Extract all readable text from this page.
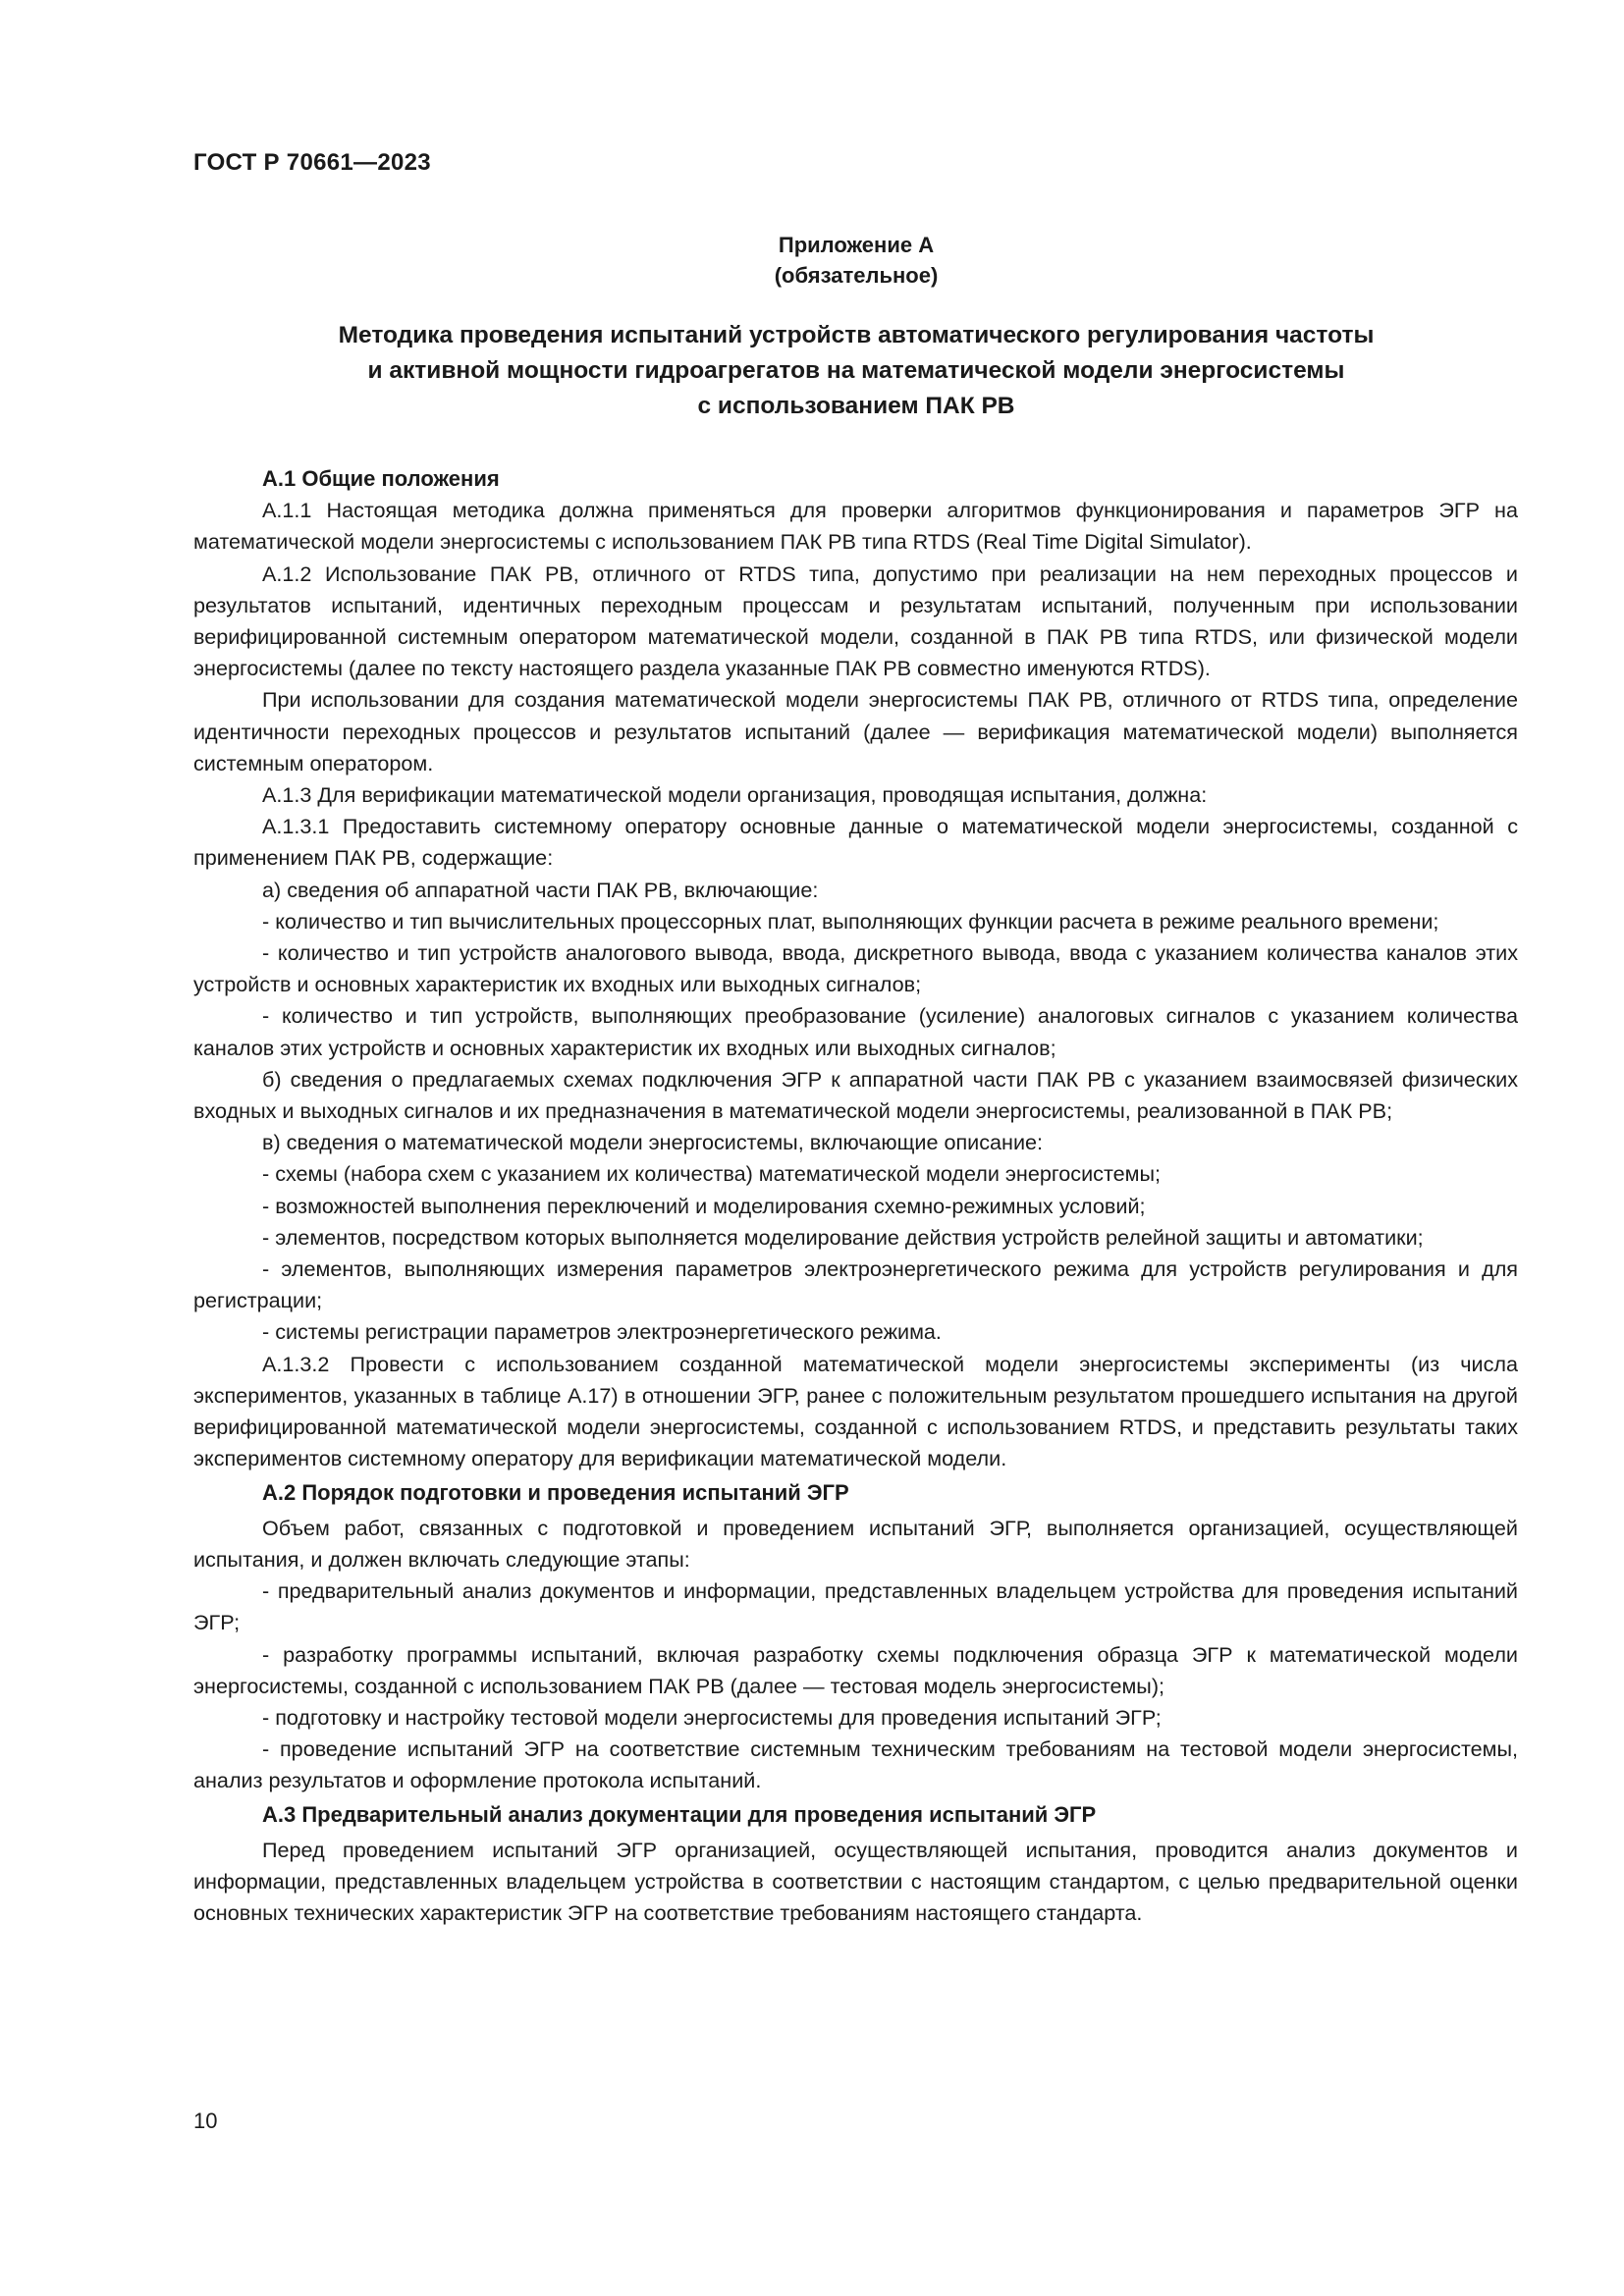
ГОСТ Р 70661—2023
Приложение А
(обязательное)
Методика проведения испытаний устройств автоматического регулирования частоты
и активной мощности гидроагрегатов на математической модели энергосистемы
с использованием ПАК РВ
А.1 Общие положения

А.1.1 Настоящая методика должна применяться для проверки алгоритмов функционирования и параметров ЭГР на математической модели энергосистемы с использованием ПАК РВ типа RTDS (Real Time Digital Simulator).

А.1.2 Использование ПАК РВ, отличного от RTDS типа, допустимо при реализации на нем переходных процессов и результатов испытаний, идентичных переходным процессам и результатам испытаний, полученным при использовании верифицированной системным оператором математической модели, созданной в ПАК РВ типа RTDS, или физической модели энергосистемы (далее по тексту настоящего раздела указанные ПАК РВ совместно именуются RTDS).

При использовании для создания математической модели энергосистемы ПАК РВ, отличного от RTDS типа, определение идентичности переходных процессов и результатов испытаний (далее — верификация математической модели) выполняется системным оператором.

А.1.3 Для верификации математической модели организация, проводящая испытания, должна:

А.1.3.1 Предоставить системному оператору основные данные о математической модели энергосистемы, созданной с применением ПАК РВ, содержащие:

а) сведения об аппаратной части ПАК РВ, включающие:

- количество и тип вычислительных процессорных плат, выполняющих функции расчета в режиме реального времени;

- количество и тип устройств аналогового вывода, ввода, дискретного вывода, ввода с указанием количества каналов этих устройств и основных характеристик их входных или выходных сигналов;

- количество и тип устройств, выполняющих преобразование (усиление) аналоговых сигналов с указанием количества каналов этих устройств и основных характеристик их входных или выходных сигналов;

б) сведения о предлагаемых схемах подключения ЭГР к аппаратной части ПАК РВ с указанием взаимосвязей физических входных и выходных сигналов и их предназначения в математической модели энергосистемы, реализованной в ПАК РВ;

в) сведения о математической модели энергосистемы, включающие описание:

- схемы (набора схем с указанием их количества) математической модели энергосистемы;

- возможностей выполнения переключений и моделирования схемно-режимных условий;

- элементов, посредством которых выполняется моделирование действия устройств релейной защиты и автоматики;

- элементов, выполняющих измерения параметров электроэнергетического режима для устройств регулирования и для регистрации;

- системы регистрации параметров электроэнергетического режима.

А.1.3.2 Провести с использованием созданной математической модели энергосистемы эксперименты (из числа экспериментов, указанных в таблице А.17) в отношении ЭГР, ранее с положительным результатом прошедшего испытания на другой верифицированной математической модели энергосистемы, созданной с использованием RTDS, и представить результаты таких экспериментов системному оператору для верификации математической модели.

А.2 Порядок подготовки и проведения испытаний ЭГР

Объем работ, связанных с подготовкой и проведением испытаний ЭГР, выполняется организацией, осуществляющей испытания, и должен включать следующие этапы:

- предварительный анализ документов и информации, представленных владельцем устройства для проведения испытаний ЭГР;

- разработку программы испытаний, включая разработку схемы подключения образца ЭГР к математической модели энергосистемы, созданной с использованием ПАК РВ (далее — тестовая модель энергосистемы);

- подготовку и настройку тестовой модели энергосистемы для проведения испытаний ЭГР;

- проведение испытаний ЭГР на соответствие системным техническим требованиям на тестовой модели энергосистемы, анализ результатов и оформление протокола испытаний.

А.3 Предварительный анализ документации для проведения испытаний ЭГР

Перед проведением испытаний ЭГР организацией, осуществляющей испытания, проводится анализ документов и информации, представленных владельцем устройства в соответствии с настоящим стандартом, с целью предварительной оценки основных технических характеристик ЭГР на соответствие требованиям настоящего стандарта.

10
